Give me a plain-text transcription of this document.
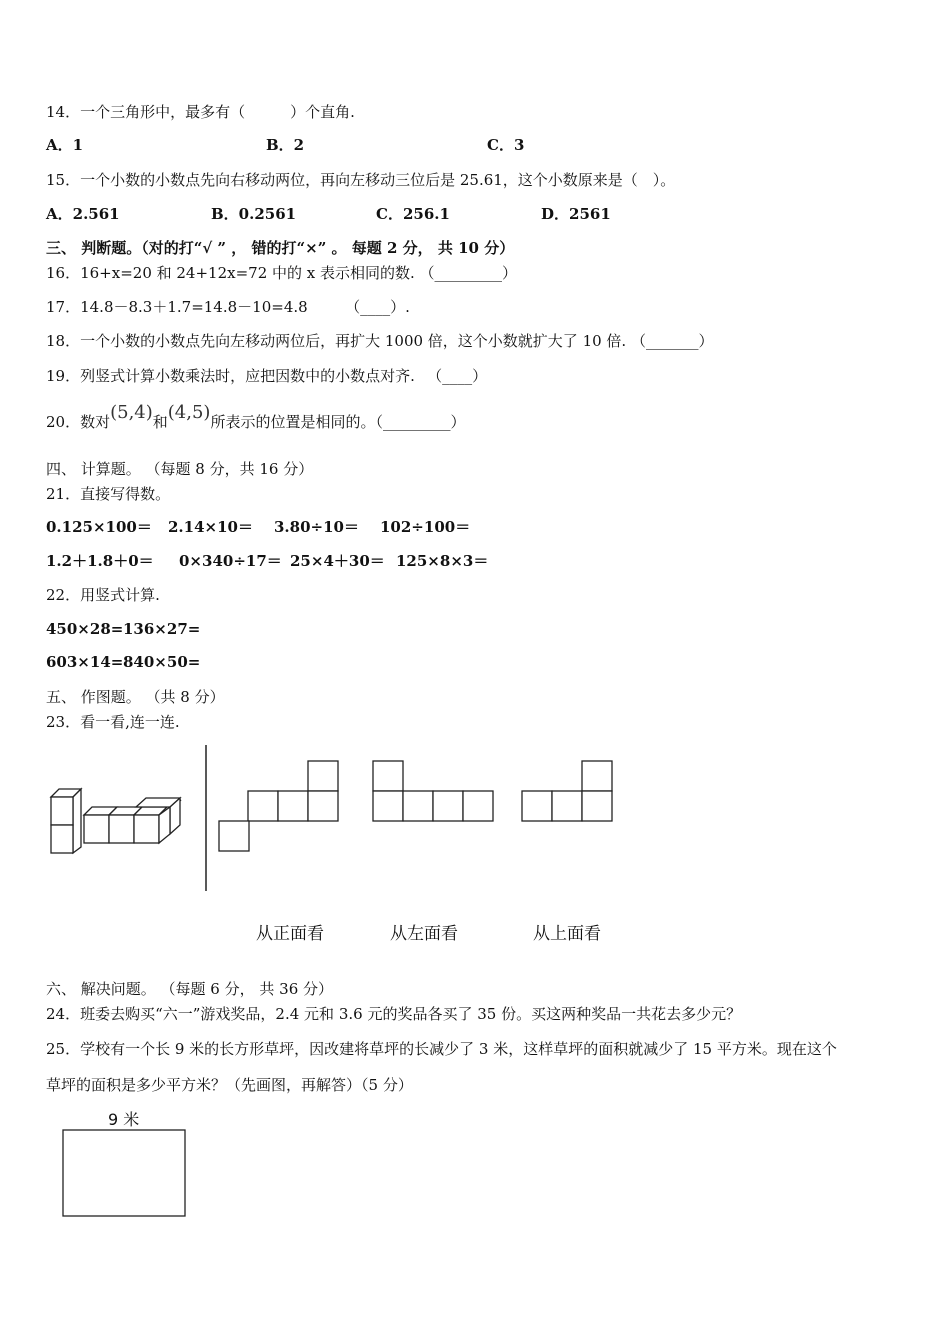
14．一个三角形中，最多有（　　　）个直角.
A．1	B．2	C．3
15．一个小数的小数点先向右移动两位，再向左移动三位后是 25.61，这个小数原来是（　）。
A．2.561	B．0.2561	C．256.1	D．2561
三、 判断题。（对的打“√ ” ， 错的打“×” 。 每题 2 分， 共 10 分）
16．16+x=20 和 24+12x=72 中的 x 表示相同的数. （_________）
17．14.8－8.3＋1.7=14.8－10=4.8　　　（____）.
18．一个小数的小数点先向左移动两位后，再扩大 1000 倍，这个小数就扩大了 10 倍. （_______）
19．列竖式计算小数乘法时，应把因数中的小数点对齐. 　（____）
20．数对(5,4)和(4,5)所表示的位置是相同的。（_________）
四、 计算题。 （每题 8 分，共 16 分）
21．直接写得数。
0.125×100＝ 2.14×10＝ 3.80÷10＝ 102÷100＝
1.2＋1.8＋0＝ 0×340÷17＝ 25×4＋30＝ 125×8×3＝
22．用竖式计算.
450×28= 136×27=
603×14= 840×50=
五、 作图题。 （共 8 分）
23．看一看,连一连.
从正面看	从左面看	从上面看
六、 解决问题。 （每题 6 分， 共 36 分）
24．班委去购买“六一”游戏奖品，2.4 元和 3.6 元的奖品各买了 35 份。买这两种奖品一共花去多少元？
25．学校有一个长 9 米的长方形草坪，因改建将草坪的长减少了 3 米，这样草坪的面积就减少了 15 平方米。现在这个
草坪的面积是多少平方米？（先画图，再解答）（5 分）
9 米
